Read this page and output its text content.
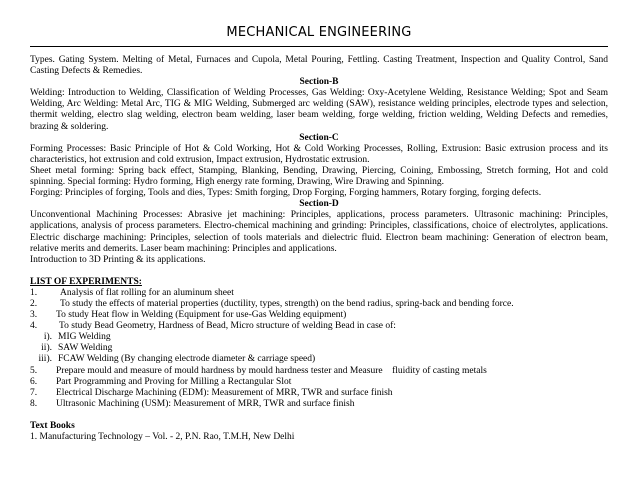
MECHANICAL ENGINEERING

Types. Gating System. Melting of Metal, Furnaces and Cupola, Metal Pouring, Fettling. Casting Treatment, Inspection and Quality Control, Sand Casting Defects & Remedies.

Section-B

Welding: Introduction to Welding, Classification of Welding Processes, Gas Welding: Oxy-Acetylene Welding, Resistance Welding; Spot and Seam Welding, Arc Welding: Metal Arc, TIG & MIG Welding, Submerged arc welding (SAW), resistance welding principles, electrode types and selection, thermit welding, electro slag welding, electron beam welding, laser beam welding, forge welding, friction welding, Welding Defects and remedies, brazing & soldering.

Section-C

Forming Processes: Basic Principle of Hot & Cold Working, Hot & Cold Working Processes, Rolling, Extrusion: Basic extrusion process and its characteristics, hot extrusion and cold extrusion, Impact extrusion, Hydrostatic extrusion.

Sheet metal forming: Spring back effect, Stamping, Blanking, Bending, Drawing, Piercing, Coining, Embossing, Stretch forming, Hot and cold spinning. Special forming: Hydro forming, High energy rate forming, Drawing, Wire Drawing and Spinning.

Forging: Principles of forging, Tools and dies, Types: Smith forging, Drop Forging, Forging hammers, Rotary forging, forging defects.

Section-D

Unconventional Machining Processes: Abrasive jet machining: Principles, applications, process parameters. Ultrasonic machining: Principles, applications, analysis of process parameters. Electro-chemical machining and grinding: Principles, classifications, choice of electrolytes, applications. Electric discharge machining: Principles, selection of tools materials and dielectric fluid. Electron beam machining: Generation of electron beam, relative merits and demerits. Laser beam machining: Principles and applications.

Introduction to 3D Printing & its applications.

LIST OF EXPERIMENTS:

1.	Analysis of flat rolling for an aluminum sheet
2.	To study the effects of material properties (ductility, types, strength) on the bend radius, spring-back and bending force.
3.	To study Heat flow in Welding (Equipment for use-Gas Welding equipment)
4.	To study Bead Geometry, Hardness of Bead, Micro structure of welding Bead in case of:

i). MIG Welding

ii). SAW Welding

iii). FCAW Welding (By changing electrode diameter & carriage speed)

5.	Prepare mould and measure of mould hardness by mould hardness tester and Measure    fluidity of casting metals
6.	Part Programming and Proving for Milling a Rectangular Slot
7.	Electrical Discharge Machining (EDM): Measurement of MRR, TWR and surface finish
8.	Ultrasonic Machining (USM): Measurement of MRR, TWR and surface finish

Text Books

1. Manufacturing Technology – Vol. - 2, P.N. Rao, T.M.H, New Delhi
